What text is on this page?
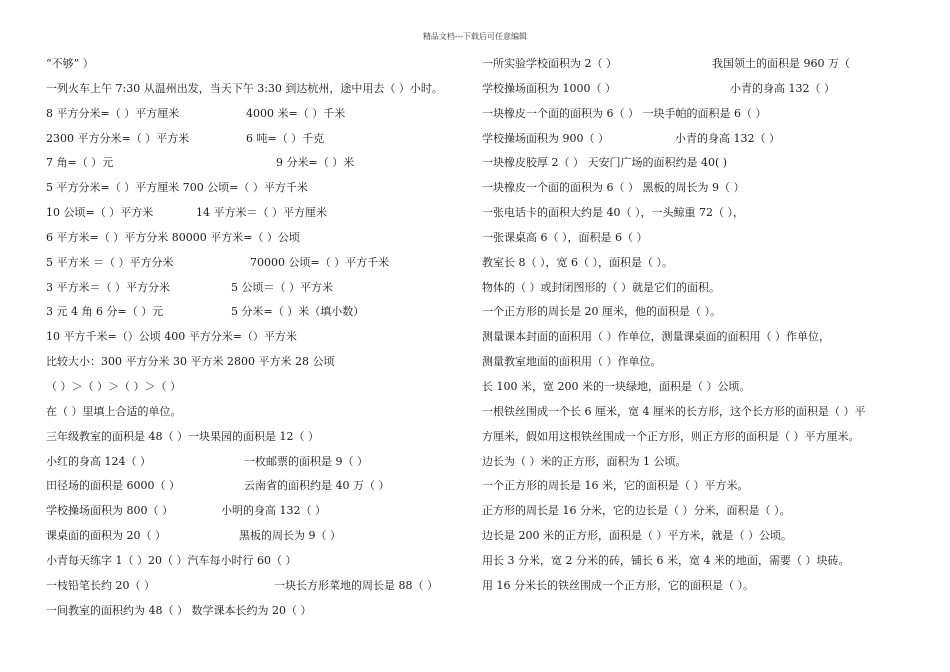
精品文档---下载后可任意编辑
“不够” ）
一列火车上午 7:30 从温州出发，当天下午 3:30 到达杭州，途中用去（ ）小时。
8 平方分米=（ ）平方厘米	4000 米=（ ）千米
2300 平方分米=（ ）平方米	6 吨=（ ）千克
7 角=（ ）元	9 分米=（ ）米
5 平方分米=（ ）平方厘米 700 公顷=（ ）平方千米
10 公顷=（ ）平方米	14 平方米＝（ ）平方厘米
6 平方米=（ ）平方分米 80000 平方米=（ ）公顷
5 平方米 ＝（ ）平方分米	70000 公顷=（ ）平方千米
3 平方米＝（ ）平方分米	5 公顷＝（ ）平方米
3 元 4 角 6 分=（ ）元	5 分米=（ ）米（填小数）
10 平方千米=（）公顷 400 平方分米=（）平方米
比较大小：300 平方分米 30 平方米 2800 平方米 28 公顷
（ ）＞（ ）＞（ ）＞（ ）
在（ ）里填上合适的单位。
三年级教室的面积是 48（ ）一块果园的面积是 12（ ）
小红的身高 124（ ）	一枚邮票的面积是 9（ ）
田径场的面积是 6000（ ）	云南省的面积约是 40 万（ ）
学校操场面积为 800（ ）	小明的身高 132（ ）
课桌面的面积为 20（ ）	黑板的周长为 9（ ）
小青每天练字 1（ ）20（ ）汽车每小时行 60（ ）
一枝铅笔长约 20（ ）	一块长方形菜地的周长是 88（ ）
一间教室的面积约为 48（ ） 数学课本长约为 20（ ）
一所实验学校面积为 2（ ）	我国领土的面积是 960 万（
学校操场面积为 1000（ ）	小青的身高 132（ ）
一块橡皮一个面的面积为 6（ ） 一块手帕的面积是 6（ ）
学校操场面积为 900（ ）	小青的身高 132（ ）
一块橡皮胶厚 2（ ） 天安门广场的面积约是 40( )
一块橡皮一个面的面积为 6（ ） 黑板的周长为 9（ ）
一张电话卡的面积大约是 40（ ），一头鲸重 72（ ），
一张课桌高 6（ ），面积是 6（ ）
教室长 8（ ），宽 6（ ），面积是（ ）。
物体的（ ）或封闭图形的（ ）就是它们的面积。
一个正方形的周长是 20 厘米，他的面积是（ ）。
测量课本封面的面积用（ ）作单位，测量课桌面的面积用（ ）作单位，
测量教室地面的面积用（ ）作单位。
长 100 米，宽 200 米的一块绿地，面积是（ ）公顷。
一根铁丝围成一个长 6 厘米，宽 4 厘米的长方形，这个长方形的面积是（ ）平
方厘米，假如用这根铁丝围成一个正方形，则正方形的面积是（ ）平方厘米。
边长为（ ）米的正方形，面积为 1 公顷。
一个正方形的周长是 16 米，它的面积是（ ）平方米。
正方形的周长是 16 分米，它的边长是（ ）分米，面积是（ ）。
边长是 200 米的正方形，面积是（ ）平方米，就是（ ）公顷。
用长 3 分米，宽 2 分米的砖，铺长 6 米，宽 4 米的地面，需要（ ）块砖。
用 16 分米长的铁丝围成一个正方形，它的面积是（ ）。
